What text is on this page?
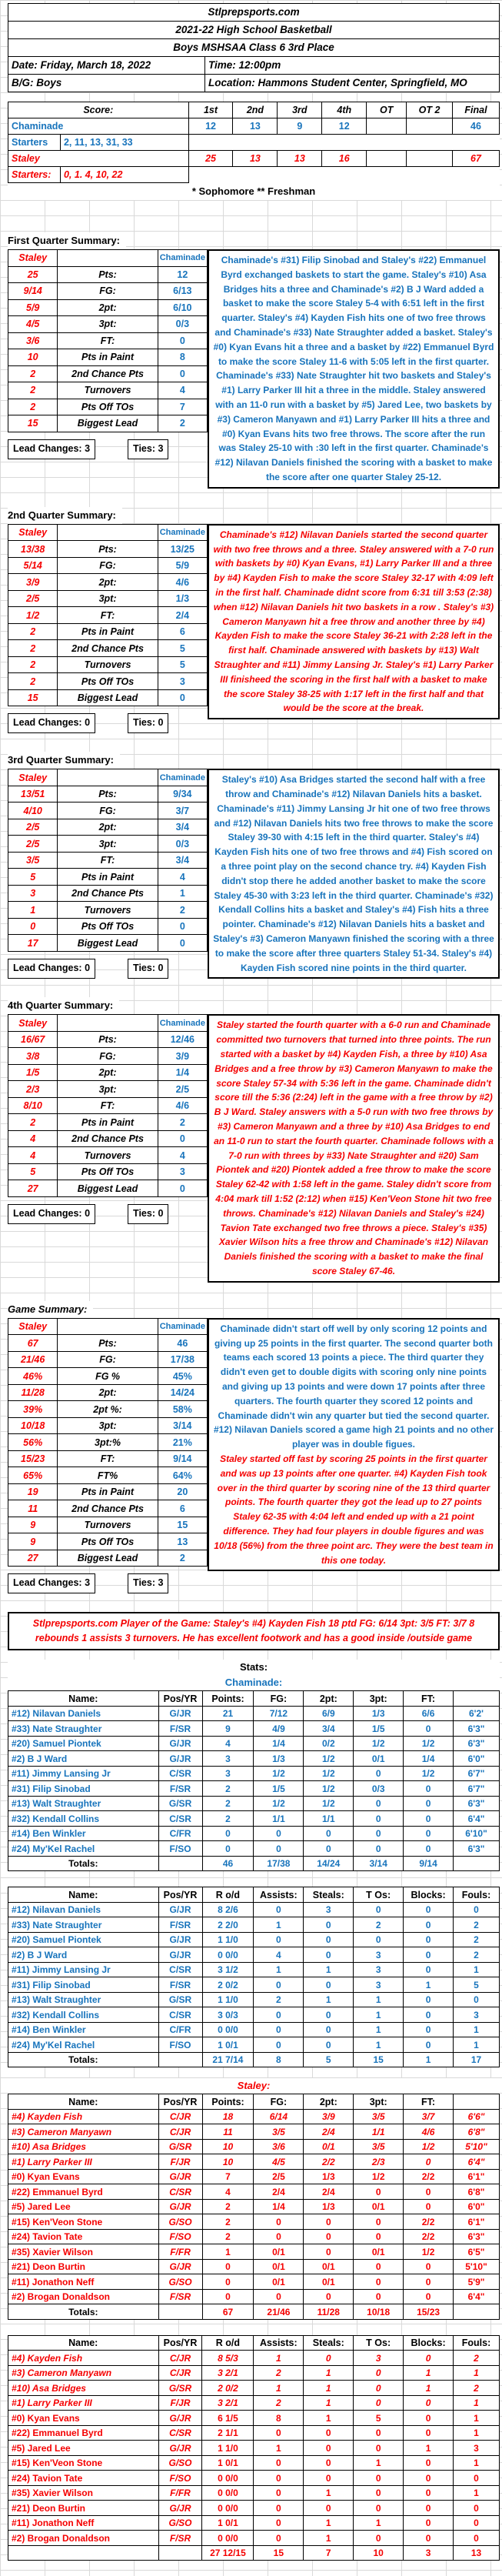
Stlprepsports.com
2021-22 High School Basketball
Boys MSHSAA Class 6 3rd Place
Date: Friday, March 18, 2022	Time: 12:00pm
B/G: Boys	Location: Hammons Student Center, Springfield, MO
Score:		1st	2nd	3rd	4th	OT	OT 2	Final
Chaminade		12	13	9	12			46
Starters	2, 11, 13, 31, 33							
Staley		25	13	13	16			67
Starters:	0, 1. 4, 10, 22							
* Sophomore ** Freshman
First Quarter Summary:
Staley		Chaminade
25	Pts:	12
9/14	FG:	6/13
5/9	2pt:	6/10
4/5	3pt:	0/3
3/6	FT:	0
10	Pts in Paint	8
2	2nd Chance Pts	0
2	Turnovers	4
2	Pts Off TOs	7
15	Biggest Lead	2
Lead Changes: 3	Ties: 3

Chaminade's #31) Filip Sinobad and Staley's #22) Emmanuel Byrd exchanged baskets to start the game. Staley's #10) Asa Bridges hits a three and Chaminade's #2) B J Ward added a basket to make the score Staley 5-4 with 6:51 left in the first quarter. Staley's #4) Kayden Fish hits one of two free throws and Chaminade's #33) Nate Straughter added a basket. Staley's #0) Kyan Evans hit a three and a basket by #22) Emmanuel Byrd to make the score Staley 11-6 with 5:05 left in the first quarter. Chaminade's #33) Nate Straughter hit two baskets and Staley's #1) Larry Parker III hit a three in the middle. Staley answered with an 11-0 run with a basket by #5) Jared Lee, two baskets by #3) Cameron Manyawn and #1) Larry Parker III hits a three and #0) Kyan Evans hits two free throws. The score after the run was Staley 25-10 with :30 left in the first quarter. Chaminade's #12) Nilavan Daniels finished the scoring with a basket to make the score after one quarter Staley 25-12.

2nd Quarter Summary:
Staley		Chaminade
13/38	Pts:	13/25
5/14	FG:	5/9
3/9	2pt:	4/6
2/5	3pt:	1/3
1/2	FT:	2/4
2	Pts in Paint	6
2	2nd Chance Pts	5
2	Turnovers	5
2	Pts Off TOs	3
15	Biggest Lead	0
Lead Changes: 0	Ties: 0

Chaminade's #12) Nilavan Daniels started the second quarter with two free throws and a three. Staley answered with a 7-0 run with baskets by #0) Kyan Evans, #1) Larry Parker III and a three by #4) Kayden Fish to make the score Staley 32-17 with 4:09 left in the first half. Chaminade didnt score from 6:31 till 3:53 (2:38) when #12) Nilavan Daniels hit two baskets in a row . Staley's #3) Cameron Manyawn hit a free throw and another three by #4) Kayden Fish to make the score Staley 36-21 with 2:28 left in the first half. Chaminade answered with baskets by #13) Walt Straughter and #11) Jimmy Lansing Jr. Staley's #1) Larry Parker III finisheed the scoring in the first half with a basket to make the score Staley 38-25 with 1:17 left in the first half and that would be the score at the break.

3rd Quarter Summary:
Staley		Chaminade
13/51	Pts:	9/34
4/10	FG:	3/7
2/5	2pt:	3/4
2/5	3pt:	0/3
3/5	FT:	3/4
5	Pts in Paint	4
3	2nd Chance Pts	1
1	Turnovers	2
0	Pts Off TOs	0
17	Biggest Lead	0
Lead Changes: 0	Ties: 0

Staley's #10) Asa Bridges started the second half with a free throw and Chaminade's #12) Nilavan Daniels hits a basket. Chaminade's #11) Jimmy Lansing Jr hit one of two free throws and #12) Nilavan Daniels hits two free throws to make the score Staley 39-30 with 4:15 left in the third quarter. Staley's #4) Kayden Fish hits one of two free throws and #4) Fish scored on a three point play on the second chance try. #4) Kayden Fish didn't stop there he added another basket to make the score Staley 45-30 with 3:23 left in the third quarter. Chaminade's #32) Kendall Collins hits a basket and Staley's #4) Fish hits a three pointer. Chaminade's #12) Nilavan Daniels hits a basket and Staley's #3) Cameron Manyawn finished the scoring with a three to make the score after three quarters Staley 51-34. Staley's #4) Kayden Fish scored nine points in the third quarter.

4th Quarter Summary:
Staley		Chaminade
16/67	Pts:	12/46
3/8	FG:	3/9
1/5	2pt:	1/4
2/3	3pt:	2/5
8/10	FT:	4/6
2	Pts in Paint	2
4	2nd Chance Pts	0
4	Turnovers	4
5	Pts Off TOs	3
27	Biggest Lead	0
Lead Changes: 0	Ties: 0

Staley started the fourth quarter with a 6-0 run and Chaminade committed two turnovers that turned into three points. The run started with a basket by #4) Kayden Fish, a three by #10) Asa Bridges and a free throw by #3) Cameron Manyawn to make the score Staley 57-34 with 5:36 left in the game. Chaminade didn't score till the 5:36 (2:24) left in the game with a free throw by #2) B J Ward. Staley answers with a 5-0 run with two free throws by #3) Cameron Manyawn and a three by #10) Asa Bridges to end an 11-0 run to start the fourth quarter. Chaminade follows with a 7-0 run with threes by #33) Nate Straughter and #20) Sam Piontek and #20) Piontek added a free throw to make the score Staley 62-42 with 1:58 left in the game. Staley didn't score from 4:04 mark till 1:52 (2:12) when #15) Ken'Veon Stone hit two free throws. Chaminade's #12) Nilavan Daniels and Staley's #24) Tavion Tate exchanged two free throws a piece. Staley's #35) Xavier Wilson hits a free throw and Chaminade's #12) Nilavan Daniels finished the scoring with a basket to make the final score Staley 67-46.

Game Summary:
Staley		Chaminade
67	Pts:	46
21/46	FG:	17/38
46%	FG %	45%
11/28	2pt:	14/24
39%	2pt %:	58%
10/18	3pt:	3/14
56%	3pt:%	21%
15/23	FT:	9/14
65%	FT%	64%
19	Pts in Paint	20
11	2nd Chance Pts	6
9	Turnovers	15
9	Pts Off TOs	13
27	Biggest Lead	2
Lead Changes: 3	Ties: 3

Chaminade didn't start off well by only scoring 12 points and giving up 25 points in the first quarter. The second quarter both teams each scored 13 points a piece. The third quarter they didn't even get to double digits with scoring only nine points and giving up 13 points and were down 17 points after three quarters. The fourth quarter they scored 12 points and Chaminade didn't win any quarter but tied the second quarter. #12) Nilavan Daniels scored a game high 21 points and no other player was in double figues.

Staley started off fast by scoring 25 points in the first quarter and was up 13 points after one quarter. #4) Kayden Fish took over in the third quarter by scoring nine of the 13 third quarter points. The fourth quarter they got the lead up to 27 points Staley 62-35 with 4:04 left and ended up with a 21 point difference. They had four players in double figures and was 10/18 (56%) from the three point arc. They were the best team in this one today.

Stlprepsports.com Player of the Game: Staley's #4) Kayden Fish 18 ptd FG: 6/14 3pt: 3/5 FT: 3/7 8 rebounds 1 assists 3 turnovers. He has excellent footwork and has a good inside /outside game
Stats:
Chaminade:
Name:	Pos/YR	Points:	FG:	2pt:	3pt:	FT:	
#12) Nilavan Daniels	G/JR	21	7/12	6/9	1/3	6/6	6'2'
#33) Nate Straughter	F/SR	9	4/9	3/4	1/5	0	6'3"
#20) Samuel Piontek	G/JR	4	1/4	0/2	1/2	1/2	6'3"
#2) B J Ward	G/JR	3	1/3	1/2	0/1	1/4	6'0"
#11) Jimmy Lansing Jr	C/SR	3	1/2	1/2	0	1/2	6'7"
#31) Filip Sinobad	F/SR	2	1/5	1/2	0/3	0	6'7"
#13) Walt Straughter	G/SR	2	1/2	1/2	0	0	6'3"
#32) Kendall Collins	C/SR	2	1/1	1/1	0	0	6'4"
#14) Ben Winkler	C/FR	0	0	0	0	0	6'10"
#24) My'Kel Rachel	F/SO	0	0	0	0	0	6'3"
Totals:		46	17/38	14/24	3/14	9/14	
Name:	Pos/YR	R o/d	Assists:	Steals:	T Os:	Blocks:	Fouls:
#12) Nilavan Daniels	G/JR	8 2/6	0	3	0	0	0
#33) Nate Straughter	F/SR	2 2/0	1	0	2	0	2
#20) Samuel Piontek	G/JR	1 1/0	0	0	0	0	2
#2) B J Ward	G/JR	0 0/0	4	0	3	0	2
#11) Jimmy Lansing Jr	C/SR	3 1/2	1	1	3	0	1
#31) Filip Sinobad	F/SR	2 0/2	0	0	3	1	5
#13) Walt Straughter	G/SR	1 1/0	2	1	1	0	0
#32) Kendall Collins	C/SR	3 0/3	0	0	1	0	3
#14) Ben Winkler	C/FR	0 0/0	0	0	1	0	1
#24) My'Kel Rachel	F/SO	1 0/1	0	0	1	0	1
Totals:		21 7/14	8	5	15	1	17
Staley:
Name:	Pos/YR	Points:	FG:	2pt:	3pt:	FT:	
#4) Kayden Fish	C/JR	18	6/14	3/9	3/5	3/7	6'6"
#3) Cameron Manyawn	C/JR	11	3/5	2/4	1/1	4/6	6'8"
#10) Asa Bridges	G/SR	10	3/6	0/1	3/5	1/2	5'10"
#1) Larry Parker III	F/JR	10	4/5	2/2	2/3	0	6'4"
#0) Kyan Evans	G/JR	7	2/5	1/3	1/2	2/2	6'1"
#22) Emmanuel Byrd	C/SR	4	2/4	2/4	0	0	6'8"
#5) Jared Lee	G/JR	2	1/4	1/3	0/1	0	6'0"
#15) Ken'Veon Stone	G/SO	2	0	0	0	2/2	6'1"
#24) Tavion Tate	F/SO	2	0	0	0	2/2	6'3"
#35) Xavier Wilson	F/FR	1	0/1	0	0/1	1/2	6'5"
#21) Deon Burtin	G/JR	0	0/1	0/1	0	0	5'10"
#11) Jonathon Neff	G/SO	0	0/1	0/1	0	0	5'9"
#2) Brogan Donaldson	F/SR	0	0	0	0	0	6'4"
Totals:		67	21/46	11/28	10/18	15/23	
Name:	Pos/YR	R o/d	Assists:	Steals:	T Os:	Blocks:	Fouls:
#4) Kayden Fish	C/JR	8 5/3	1	0	3	0	2
#3) Cameron Manyawn	C/JR	3 2/1	2	1	0	1	1
#10) Asa Bridges	G/SR	2 0/2	1	1	0	1	2
#1) Larry Parker III	F/JR	3 2/1	2	1	0	0	1
#0) Kyan Evans	G/JR	6 1/5	8	1	5	0	1
#22) Emmanuel Byrd	C/SR	2 1/1	0	0	0	0	1
#5) Jared Lee	G/JR	1 1/0	1	0	0	1	3
#15) Ken'Veon Stone	G/SO	1 0/1	0	0	1	0	1
#24) Tavion Tate	F/SO	0 0/0	0	0	0	0	0
#35) Xavier Wilson	F/FR	0 0/0	0	1	0	0	1
#21) Deon Burtin	G/JR	0 0/0	0	0	0	0	0
#11) Jonathon Neff	G/SO	1 0/1	0	1	1	0	0
#2) Brogan Donaldson	F/SR	0 0/0	0	1	0	0	0
		27 12/15	15	7	10	3	13
